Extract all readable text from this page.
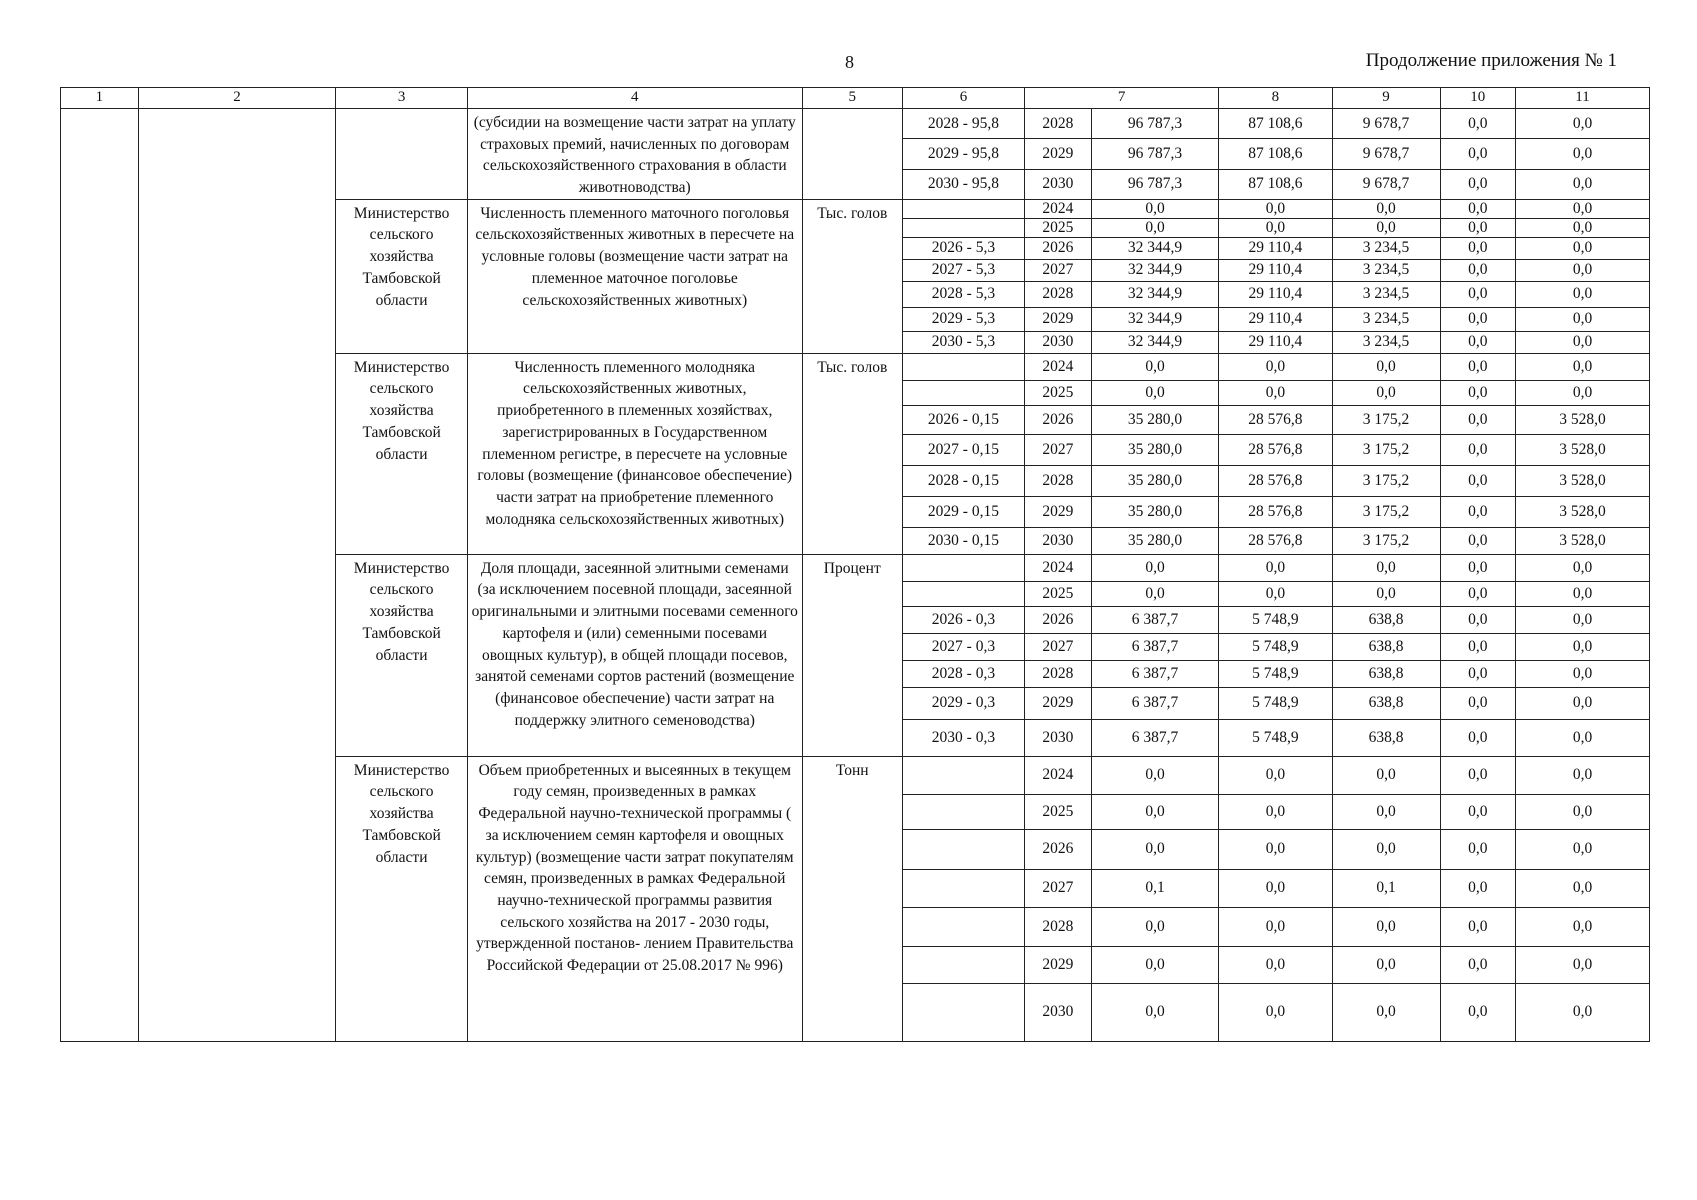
8	Продолжение приложения № 1
1	2	3	4	5	6	7		8	9	10	11
			(субсидии на возмещение части затрат на уплату страховых премий, начисленных по договорам сельскохозяйственного страхования в области животноводства)		2028 - 95,8	2028	96 787,3	87 108,6	9 678,7	0,0	0,0
					2029 - 95,8	2029	96 787,3	87 108,6	9 678,7	0,0	0,0
					2030 - 95,8	2030	96 787,3	87 108,6	9 678,7	0,0	0,0
		Министерство сельского хозяйства Тамбовской области	Численность племенного маточного поголовья сельскохозяйственных животных в пересчете на условные головы (возмещение части затрат на племенное маточное поголовье сельскохозяйственных животных)	Тыс. голов		2024	0,0	0,0	0,0	0,0	0,0
						2025	0,0	0,0	0,0	0,0	0,0
					2026 - 5,3	2026	32 344,9	29 110,4	3 234,5	0,0	0,0
					2027 - 5,3	2027	32 344,9	29 110,4	3 234,5	0,0	0,0
					2028 - 5,3	2028	32 344,9	29 110,4	3 234,5	0,0	0,0
					2029 - 5,3	2029	32 344,9	29 110,4	3 234,5	0,0	0,0
					2030 - 5,3	2030	32 344,9	29 110,4	3 234,5	0,0	0,0
		Министерство сельского хозяйства Тамбовской области	Численность племенного молодняка сельскохозяйственных животных, приобретенного в племенных хозяйствах, зарегистрированных в Государственном племенном регистре, в пересчете на условные головы (возмещение (финансовое обеспечение) части затрат на приобретение племенного молодняка сельскохозяйственных животных)	Тыс. голов		2024	0,0	0,0	0,0	0,0	0,0
						2025	0,0	0,0	0,0	0,0	0,0
					2026 - 0,15	2026	35 280,0	28 576,8	3 175,2	0,0	3 528,0
					2027 - 0,15	2027	35 280,0	28 576,8	3 175,2	0,0	3 528,0
					2028 - 0,15	2028	35 280,0	28 576,8	3 175,2	0,0	3 528,0
					2029 - 0,15	2029	35 280,0	28 576,8	3 175,2	0,0	3 528,0
					2030 - 0,15	2030	35 280,0	28 576,8	3 175,2	0,0	3 528,0
		Министерство сельского хозяйства Тамбовской области	Доля площади, засеянной элитными семенами (за исключением посевной площади, засеянной оригинальными и элитными посевами семенного картофеля и (или) семенными посевами овощных культур), в общей площади посевов, занятой семенами сортов растений (возмещение (финансовое обеспечение) части затрат на поддержку элитного семеноводства)	Процент		2024	0,0	0,0	0,0	0,0	0,0
						2025	0,0	0,0	0,0	0,0	0,0
					2026 - 0,3	2026	6 387,7	5 748,9	638,8	0,0	0,0
					2027 - 0,3	2027	6 387,7	5 748,9	638,8	0,0	0,0
					2028 - 0,3	2028	6 387,7	5 748,9	638,8	0,0	0,0
					2029 - 0,3	2029	6 387,7	5 748,9	638,8	0,0	0,0
					2030 - 0,3	2030	6 387,7	5 748,9	638,8	0,0	0,0
		Министерство сельского хозяйства Тамбовской области	Объем приобретенных и высеянных в текущем году семян, произведенных в рамках Федеральной научно-технической программы ( за исключением семян картофеля и овощных культур) (возмещение части затрат покупателям семян, произведенных в рамках Федеральной научно-технической программы развития сельского хозяйства на 2017 - 2030 годы, утвержденной постанов- лением Правительства Российской Федерации от 25.08.2017 № 996)	Тонн		2024	0,0	0,0	0,0	0,0	0,0
						2025	0,0	0,0	0,0	0,0	0,0
						2026	0,0	0,0	0,0	0,0	0,0
						2027	0,1	0,0	0,1	0,0	0,0
						2028	0,0	0,0	0,0	0,0	0,0
						2029	0,0	0,0	0,0	0,0	0,0
						2030	0,0	0,0	0,0	0,0	0,0
